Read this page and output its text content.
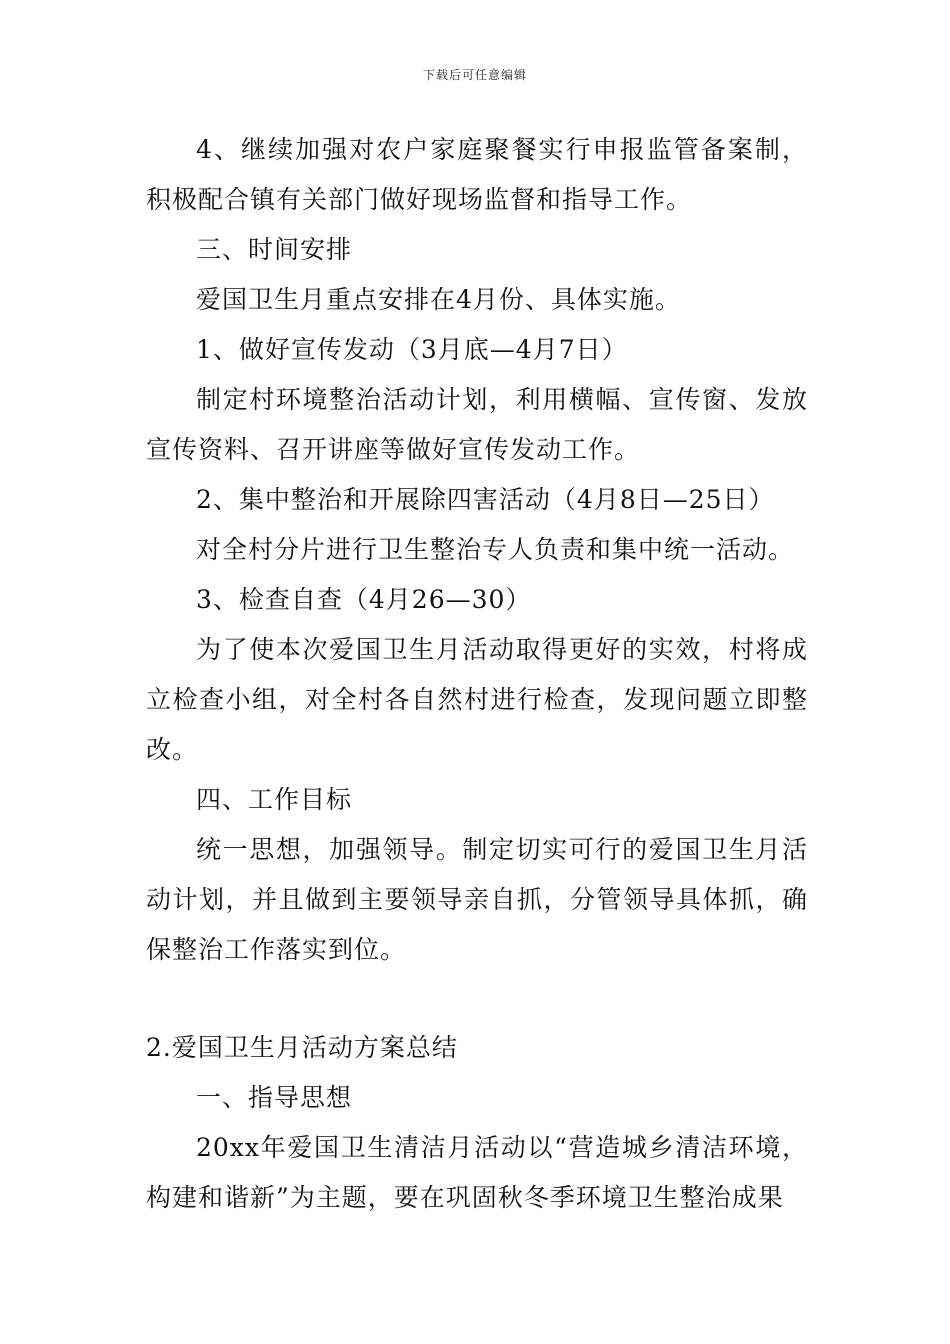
下载后可任意编辑

4、继续加强对农户家庭聚餐实行申报监管备案制，积极配合镇有关部门做好现场监督和指导工作。

三、时间安排

爱国卫生月重点安排在4月份、具体实施。

1、做好宣传发动（3月底—4月7日）

制定村环境整治活动计划，利用横幅、宣传窗、发放宣传资料、召开讲座等做好宣传发动工作。

2、集中整治和开展除四害活动（4月8日—25日）

对全村分片进行卫生整治专人负责和集中统一活动。

3、检查自查（4月26—30）

为了使本次爱国卫生月活动取得更好的实效，村将成立检查小组，对全村各自然村进行检查，发现问题立即整改。

四、工作目标

统一思想，加强领导。制定切实可行的爱国卫生月活动计划，并且做到主要领导亲自抓，分管领导具体抓，确保整治工作落实到位。

2.爱国卫生月活动方案总结

一、指导思想

20xx年爱国卫生清洁月活动以“营造城乡清洁环境，构建和谐新”为主题，要在巩固秋冬季环境卫生整治成果
